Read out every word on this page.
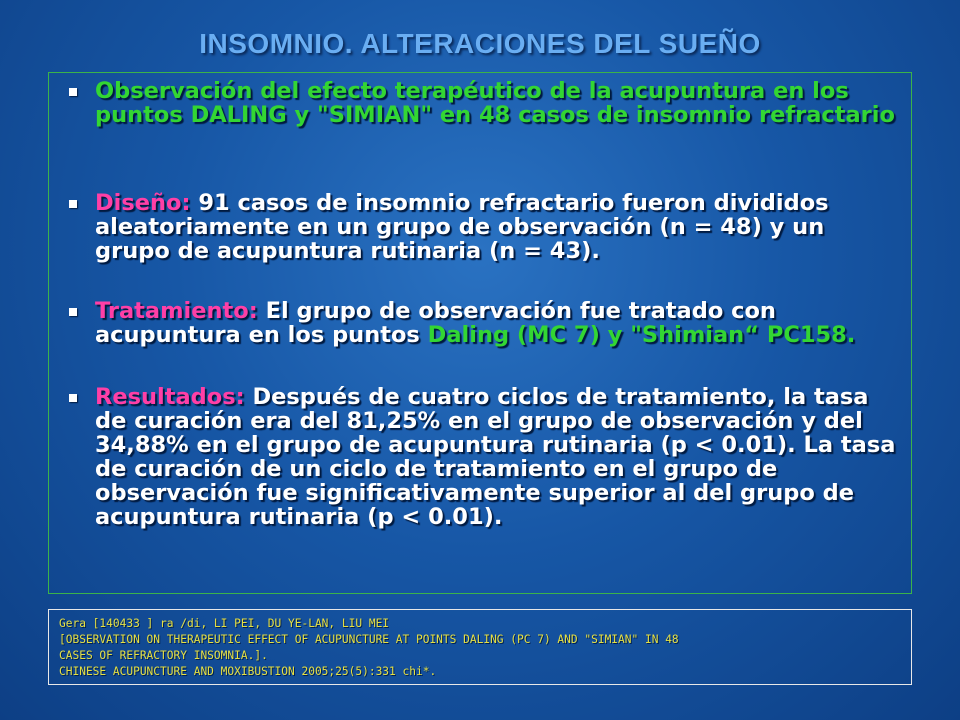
INSOMNIO. ALTERACIONES DEL SUEÑO
Observación del efecto terapéutico de la acupuntura en los puntos DALING y "SIMIAN" en 48 casos de insomnio refractario
Diseño: 91 casos de insomnio refractario fueron divididos aleatoriamente en un grupo de observación (n = 48) y un grupo de acupuntura rutinaria (n = 43).
Tratamiento: El grupo de observación fue tratado con acupuntura en los puntos Daling (MC 7) y "Shimian“ PC158.
Resultados: Después de cuatro ciclos de tratamiento, la tasa de curación era del 81,25% en el grupo de observación y del 34,88% en el grupo de acupuntura rutinaria (p < 0.01). La tasa de curación de un ciclo de tratamiento en el grupo de observación fue significativamente superior al del grupo de acupuntura rutinaria (p < 0.01).
Gera [140433 ] ra /di, LI PEI, DU YE-LAN, LIU MEI
[OBSERVATION ON THERAPEUTIC EFFECT OF ACUPUNCTURE AT POINTS DALING (PC 7) AND "SIMIAN" IN 48
CASES OF REFRACTORY INSOMNIA.].
CHINESE ACUPUNCTURE AND MOXIBUSTION 2005;25(5):331 chi*.
